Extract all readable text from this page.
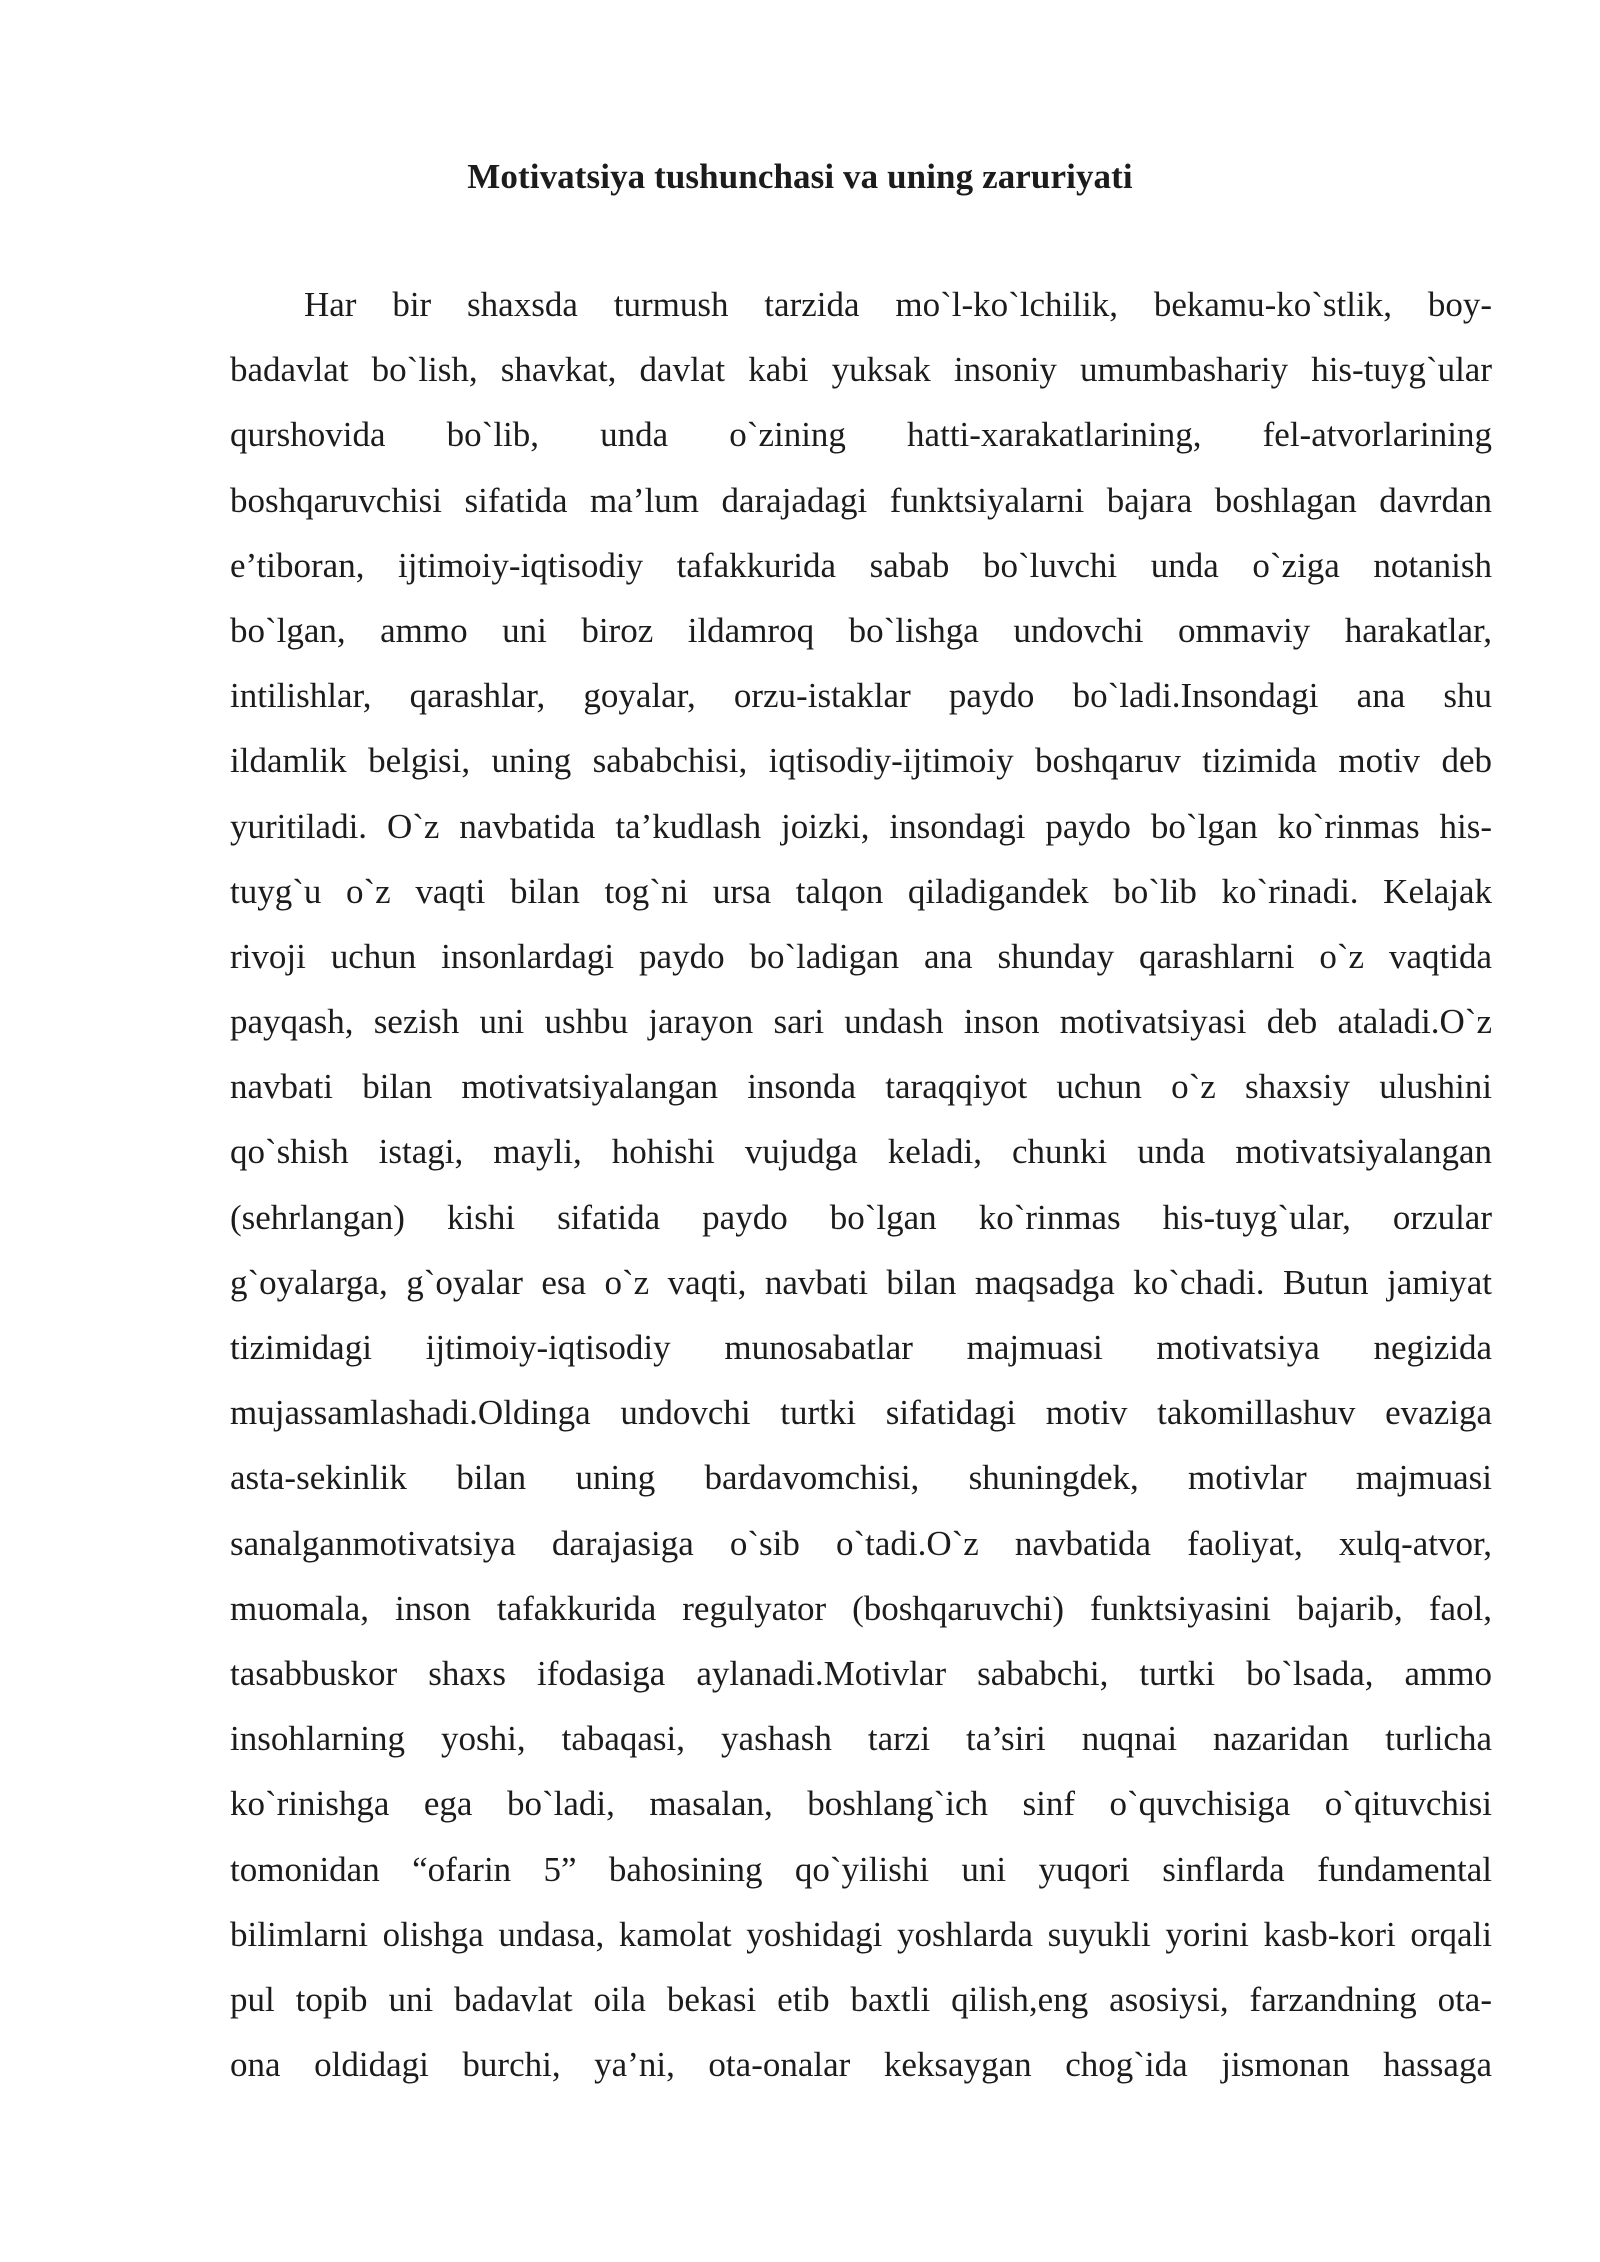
Motivatsiya tushunchasi va uning zaruriyati
Har bir shaxsda turmush tarzida mo`l-ko`lchilik, bekamu-ko`stlik, boy-
badavlat bo`lish, shavkat, davlat kabi yuksak insoniy umumbashariy his-tuyg`ular
qurshovida bo`lib, unda o`zining hatti-xarakatlarining, fel-atvorlarining
boshqaruvchisi sifatida ma’lum darajadagi funktsiyalarni bajara boshlagan davrdan
e’tiboran, ijtimoiy-iqtisodiy tafakkurida sabab bo`luvchi unda o`ziga notanish
bo`lgan, ammo uni biroz ildamroq bo`lishga undovchi ommaviy harakatlar,
intilishlar, qarashlar, goyalar, orzu-istaklar paydo bo`ladi.Insondagi ana shu
ildamlik belgisi, uning sababchisi, iqtisodiy-ijtimoiy boshqaruv tizimida motiv deb
yuritiladi. O`z navbatida ta’kudlash joizki, insondagi paydo bo`lgan ko`rinmas his-
tuyg`u o`z vaqti bilan tog`ni ursa talqon qiladigandek bo`lib ko`rinadi. Kelajak
rivoji uchun insonlardagi paydo bo`ladigan ana shunday qarashlarni o`z vaqtida
payqash, sezish uni ushbu jarayon sari undash inson motivatsiyasi deb ataladi.O`z
navbati bilan motivatsiyalangan insonda taraqqiyot uchun o`z shaxsiy ulushini
qo`shish istagi, mayli, hohishi vujudga keladi, chunki unda motivatsiyalangan
(sehrlangan) kishi sifatida paydo bo`lgan ko`rinmas his-tuyg`ular, orzular
g`oyalarga, g`oyalar esa o`z vaqti, navbati bilan maqsadga ko`chadi. Butun jamiyat
tizimidagi ijtimoiy-iqtisodiy munosabatlar majmuasi motivatsiya negizida
mujassamlashadi.Oldinga undovchi turtki sifatidagi motiv takomillashuv evaziga
asta-sekinlik bilan uning bardavomchisi, shuningdek, motivlar majmuasi
sanalganmotivatsiya darajasiga o`sib o`tadi.O`z navbatida faoliyat, xulq-atvor,
muomala, inson tafakkurida regulyator (boshqaruvchi) funktsiyasini bajarib, faol,
tasabbuskor shaxs ifodasiga aylanadi.Motivlar sababchi, turtki bo`lsada, ammo
insohlarning yoshi, tabaqasi, yashash tarzi ta’siri nuqnai nazaridan turlicha
ko`rinishga ega bo`ladi, masalan, boshlang`ich sinf o`quvchisiga o`qituvchisi
tomonidan “ofarin 5” bahosining qo`yilishi uni yuqori sinflarda fundamental
bilimlarni olishga undasa, kamolat yoshidagi yoshlarda suyukli yorini kasb-kori orqali
pul topib uni badavlat oila bekasi etib baxtli qilish,eng asosiysi, farzandning ota-
ona oldidagi burchi, ya’ni, ota-onalar keksaygan chog`ida jismonan hassaga
